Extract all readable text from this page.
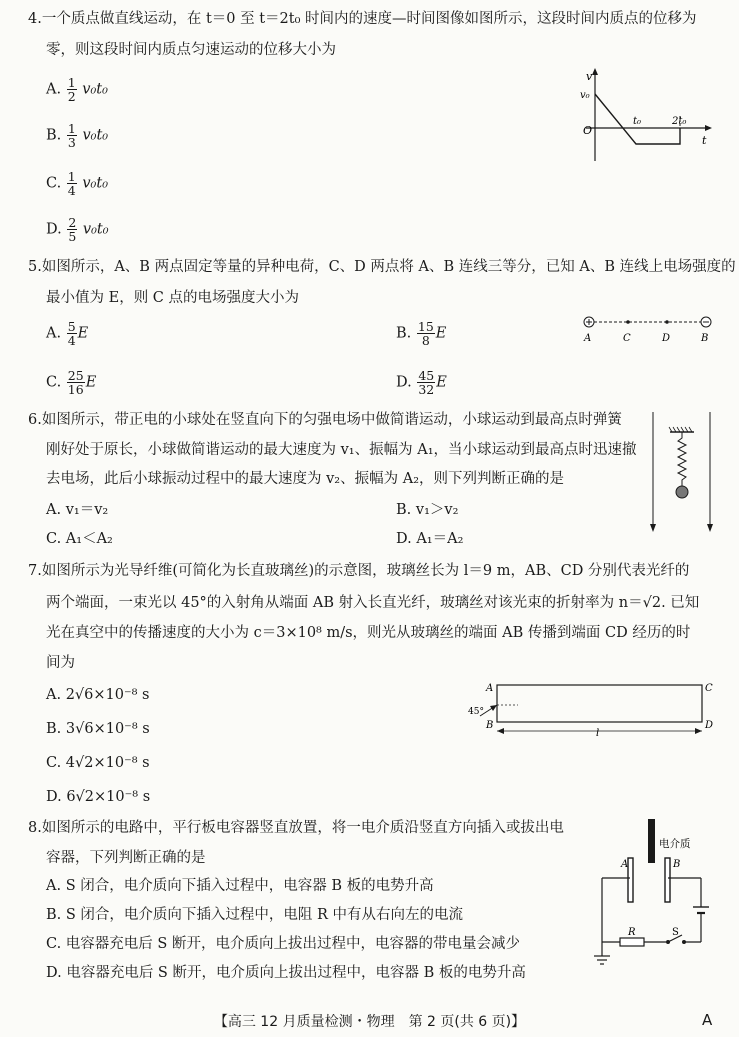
4.一个质点做直线运动，在 t＝0 至 t＝2t₀ 时间内的速度—时间图像如图所示，这段时间内质点的位移为
零，则这段时间内质点匀速运动的位移大小为
A. $\frac{1}{2} v_0t_0$
B. $\frac{1}{3} v_0t_0$
C. $\frac{1}{4} v_0t_0$
D. $\frac{2}{5} v_0t_0$
v
v₀
O
t₀	2t₀
t
5.如图所示，A、B 两点固定等量的异种电荷，C、D 两点将 A、B 连线三等分，已知 A、B 连线上电场强度的
最小值为 E，则 C 点的电场强度大小为
A. $\frac{5}{4}$ E	B. $\frac{15}{8}$ E
C. $\frac{25}{16}$ E	D. $\frac{45}{32}$ E
A	C	D	B
6.如图所示，带正电的小球处在竖直向下的匀强电场中做简谐运动，小球运动到最高点时弹簧
刚好处于原长，小球做简谐运动的最大速度为 v₁、振幅为 A₁，当小球运动到最高点时迅速撤
去电场，此后小球振动过程中的最大速度为 v₂、振幅为 A₂，则下列判断正确的是
A. v₁＝v₂	B. v₁＞v₂
C. A₁＜A₂	D. A₁＝A₂
7.如图所示为光导纤维(可简化为长直玻璃丝)的示意图，玻璃丝长为 l＝9 m，AB、CD 分别代表光纤的
两个端面，一束光以 45°的入射角从端面 AB 射入长直光纤，玻璃丝对该光束的折射率为 n＝√2. 已知
光在真空中的传播速度的大小为 c＝3×10⁸ m/s，则光从玻璃丝的端面 AB 传播到端面 CD 经历的时
间为
A. 2√6×10⁻⁸ s
B. 3√6×10⁻⁸ s
C. 4√2×10⁻⁸ s
D. 6√2×10⁻⁸ s
A
B
C
D
45°
l
8.如图所示的电路中，平行板电容器竖直放置，将一电介质沿竖直方向插入或拔出电
容器，下列判断正确的是
A. S 闭合，电介质向下插入过程中，电容器 B 板的电势升高
B. S 闭合，电介质向下插入过程中，电阻 R 中有从右向左的电流
C. 电容器充电后 S 断开，电介质向上拔出过程中，电容器的带电量会减少
D. 电容器充电后 S 断开，电介质向上拔出过程中，电容器 B 板的电势升高
电介质
A	B
R	S
【高三 12 月质量检测・物理　第 2 页(共 6 页)】	A
